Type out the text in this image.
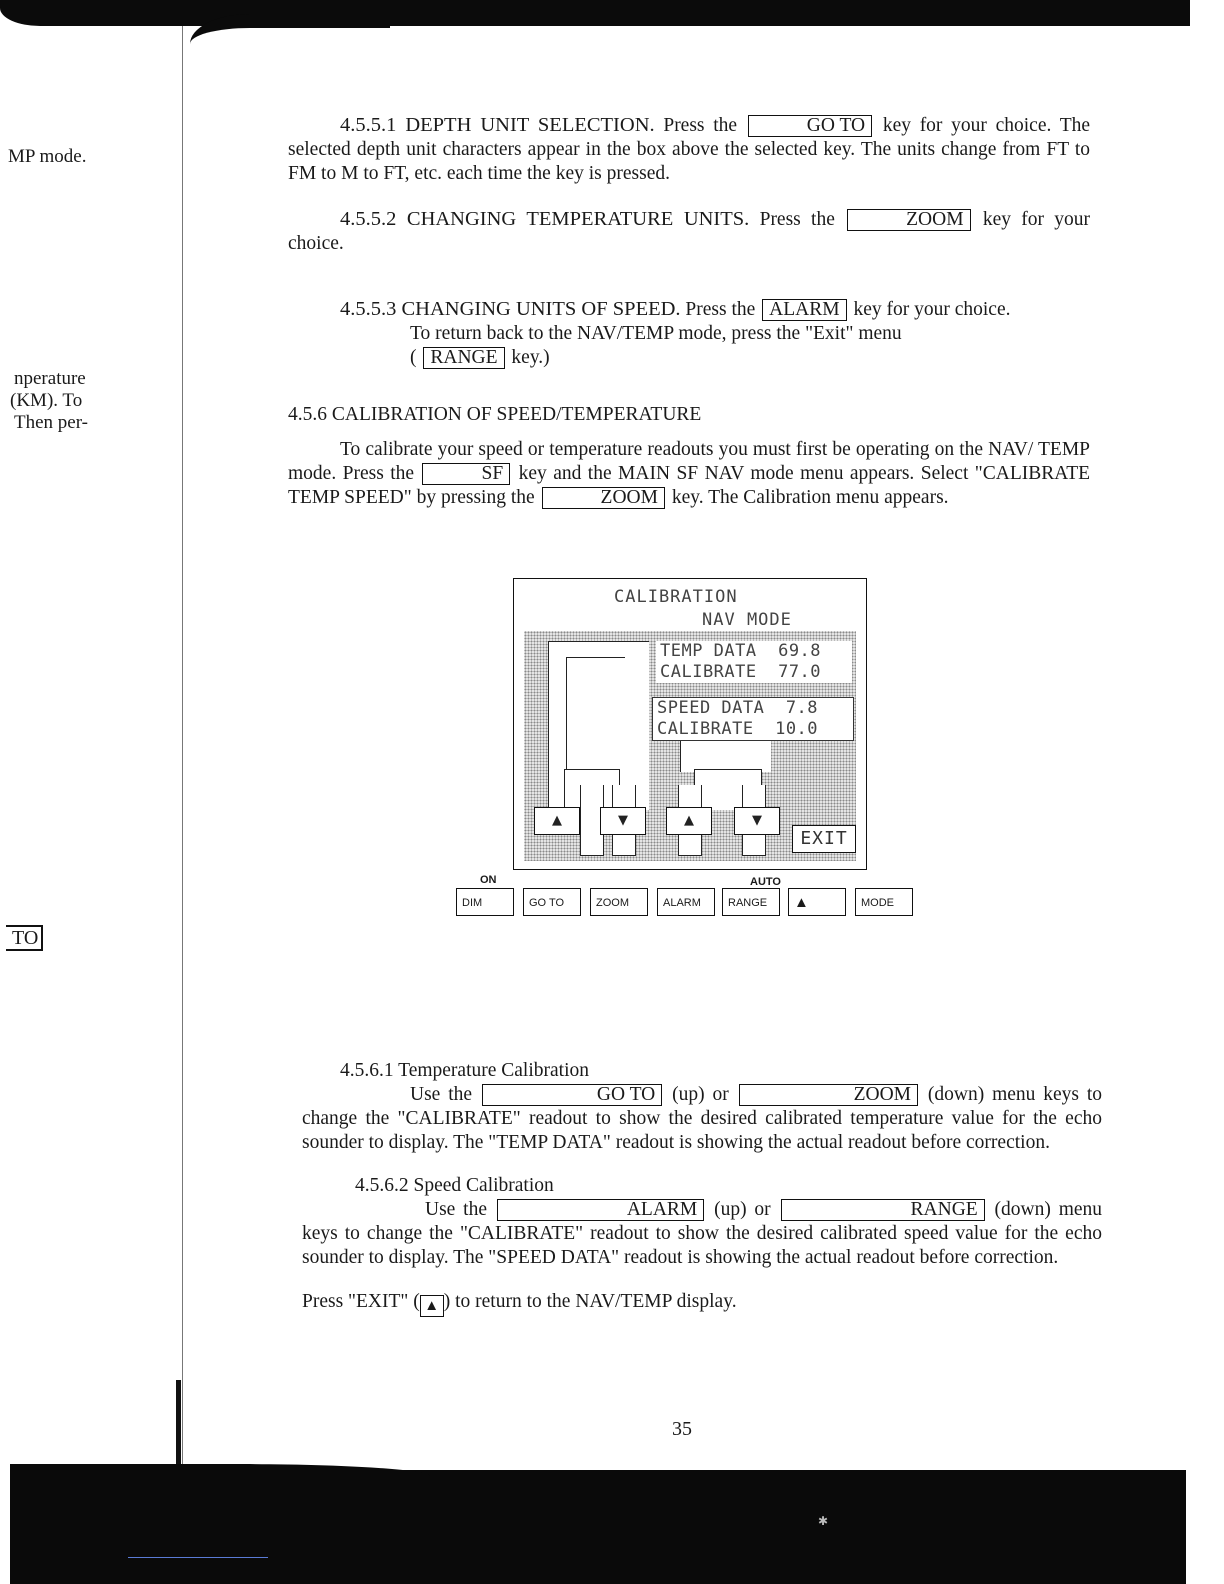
✱
MP mode.
nperature
(KM). To
Then per-
TO
4.5.5.1 DEPTH UNIT SELECTION. Press the	GO TO key for your choice. The selected depth unit characters appear in the box above the selected key. The units change from FT to FM to M to FT, etc. each time the key is pressed.
4.5.5.2 CHANGING TEMPERATURE UNITS. Press the	ZOOM key for your choice.
4.5.5.3 CHANGING UNITS OF SPEED. Press the ALARM key for your choice.
To return back to the NAV/TEMP mode, press the "Exit" menu
( RANGE key.)
4.5.6 CALIBRATION OF SPEED/TEMPERATURE
To calibrate your speed or temperature readouts you must first be operating on the NAV/ TEMP mode. Press the	SF key and the MAIN SF NAV mode menu appears. Select "CALIBRATE TEMP SPEED" by pressing the	ZOOM key. The Calibration menu appears.
CALIBRATION
NAV MODE
TEMP DATA  69.8
CALIBRATE  77.0
SPEED DATA  7.8
CALIBRATE  10.0
▲	▼	▲	▼
EXIT
ON	AUTO
DIM	GO TO	ZOOM	ALARM	RANGE	▲	MODE
4.5.6.1 Temperature Calibration
Use the	GO TO (up) or	ZOOM (down) menu keys to change the "CALIBRATE" readout to show the desired calibrated temperature value for the echo sounder to display. The "TEMP DATA" readout is showing the actual readout before correction.
4.5.6.2 Speed Calibration
Use the	ALARM (up) or	RANGE (down) menu keys to change the "CALIBRATE" readout to show the desired calibrated speed value for the echo sounder to display. The "SPEED DATA" readout is showing the actual readout before correction.
Press "EXIT" ( ▲ ) to return to the NAV/TEMP display.
35
